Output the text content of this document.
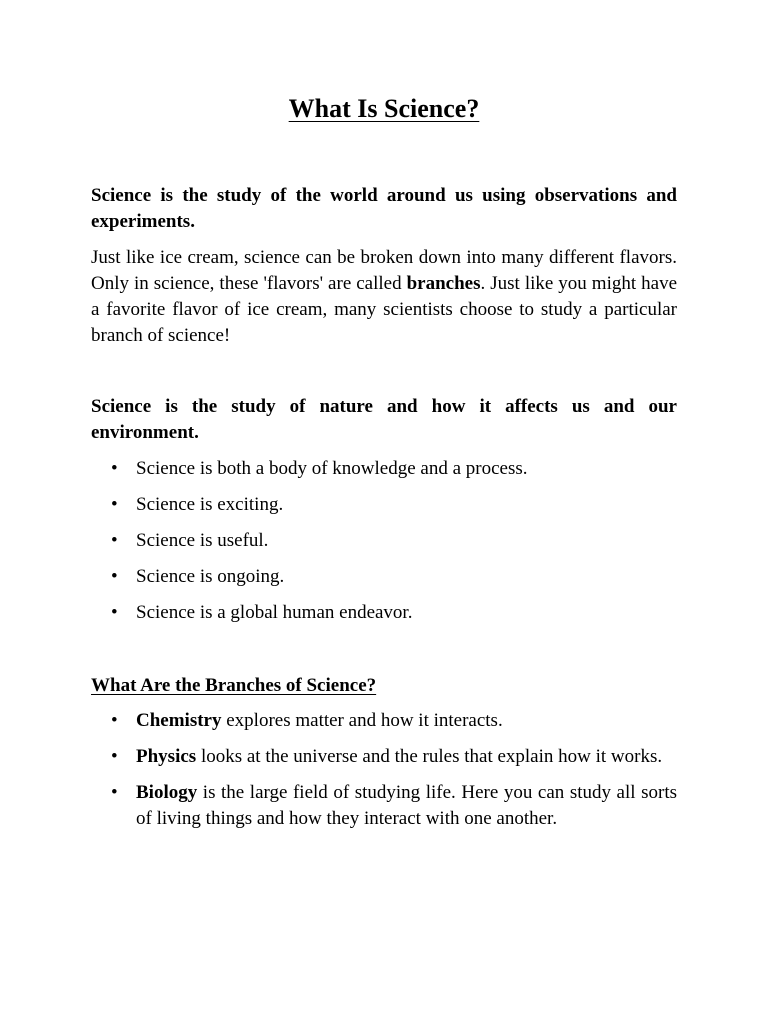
What Is Science?

Science is the study of the world around us using observations and experiments.

Just like ice cream, science can be broken down into many different flavors. Only in science, these 'flavors' are called branches. Just like you might have a favorite flavor of ice cream, many scientists choose to study a particular branch of science!

Science is the study of nature and how it affects us and our environment.

• Science is both a body of knowledge and a process.
• Science is exciting.
• Science is useful.
• Science is ongoing.
• Science is a global human endeavor.

What Are the Branches of Science?

• Chemistry explores matter and how it interacts.
• Physics looks at the universe and the rules that explain how it works.
• Biology is the large field of studying life. Here you can study all sorts of living things and how they interact with one another.
